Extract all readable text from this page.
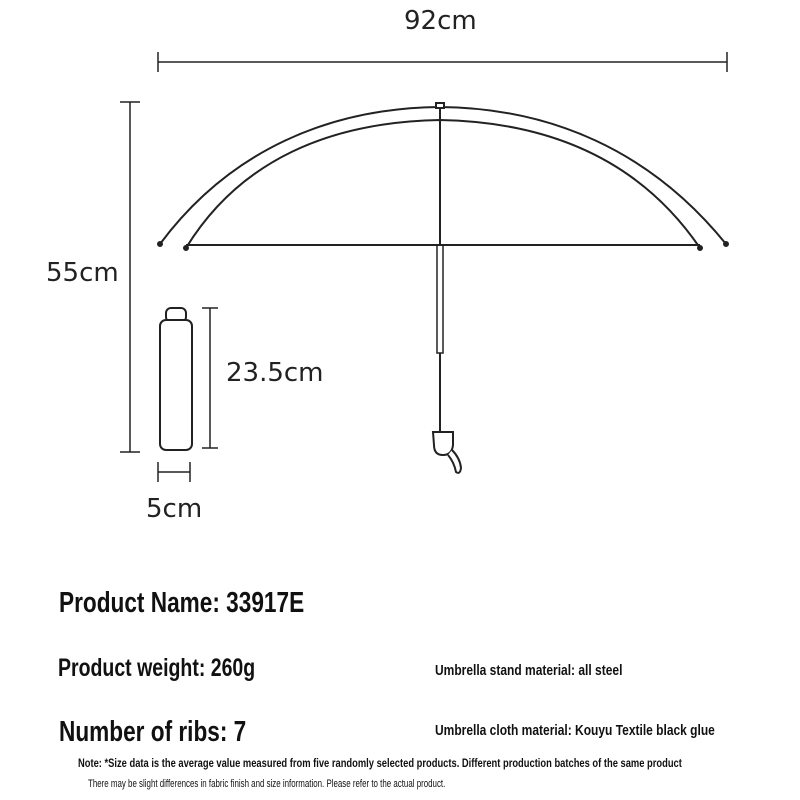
92cm
55cm
23.5cm
5cm
Product Name: 33917E
Product weight: 260g
Number of ribs: 7
Umbrella stand material: all steel
Umbrella cloth material: Kouyu Textile black glue
Note: *Size data is the average value measured from five randomly selected products. Different production batches of the same product
There may be slight differences in fabric finish and size information. Please refer to the actual product.
